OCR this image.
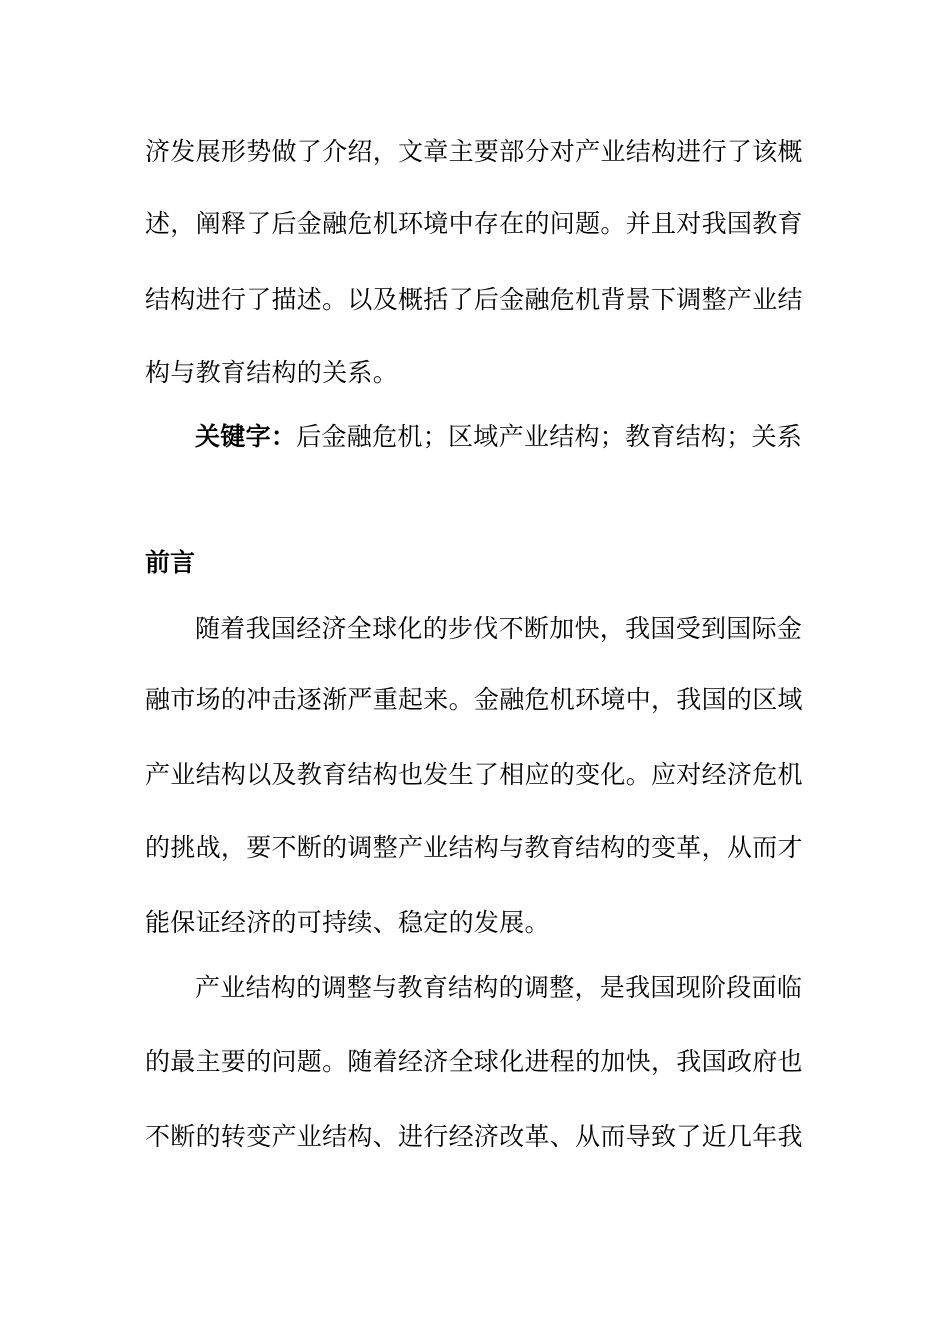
济发展形势做了介绍，文章主要部分对产业结构进行了该概
述，阐释了后金融危机环境中存在的问题。并且对我国教育
结构进行了描述。以及概括了后金融危机背景下调整产业结
构与教育结构的关系。
关键字：后金融危机；区域产业结构；教育结构；关系
前言
随着我国经济全球化的步伐不断加快，我国受到国际金
融市场的冲击逐渐严重起来。金融危机环境中，我国的区域
产业结构以及教育结构也发生了相应的变化。应对经济危机
的挑战，要不断的调整产业结构与教育结构的变革，从而才
能保证经济的可持续、稳定的发展。
产业结构的调整与教育结构的调整，是我国现阶段面临
的最主要的问题。随着经济全球化进程的加快，我国政府也
不断的转变产业结构、进行经济改革、从而导致了近几年我
